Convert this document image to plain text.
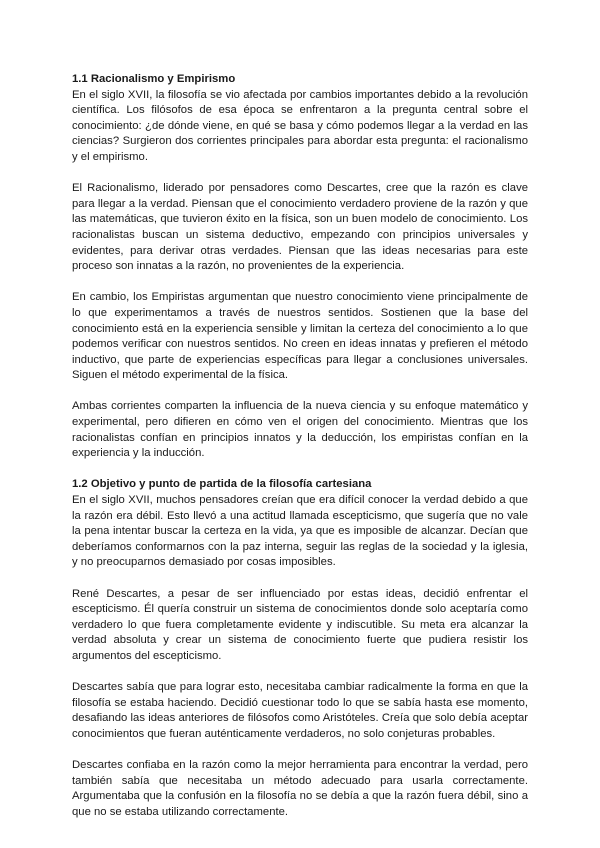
1.1 Racionalismo y Empirismo

En el siglo XVII, la filosofía se vio afectada por cambios importantes debido a la revolución científica. Los filósofos de esa época se enfrentaron a la pregunta central sobre el conocimiento: ¿de dónde viene, en qué se basa y cómo podemos llegar a la verdad en las ciencias? Surgieron dos corrientes principales para abordar esta pregunta: el racionalismo y el empirismo.

El Racionalismo, liderado por pensadores como Descartes, cree que la razón es clave para llegar a la verdad. Piensan que el conocimiento verdadero proviene de la razón y que las matemáticas, que tuvieron éxito en la física, son un buen modelo de conocimiento. Los racionalistas buscan un sistema deductivo, empezando con principios universales y evidentes, para derivar otras verdades. Piensan que las ideas necesarias para este proceso son innatas a la razón, no provenientes de la experiencia.

En cambio, los Empiristas argumentan que nuestro conocimiento viene principalmente de lo que experimentamos a través de nuestros sentidos. Sostienen que la base del conocimiento está en la experiencia sensible y limitan la certeza del conocimiento a lo que podemos verificar con nuestros sentidos. No creen en ideas innatas y prefieren el método inductivo, que parte de experiencias específicas para llegar a conclusiones universales. Siguen el método experimental de la física.

Ambas corrientes comparten la influencia de la nueva ciencia y su enfoque matemático y experimental, pero difieren en cómo ven el origen del conocimiento. Mientras que los racionalistas confían en principios innatos y la deducción, los empiristas confían en la experiencia y la inducción.

1.2 Objetivo y punto de partida de la filosofía cartesiana

En el siglo XVII, muchos pensadores creían que era difícil conocer la verdad debido a que la razón era débil. Esto llevó a una actitud llamada escepticismo, que sugería que no vale la pena intentar buscar la certeza en la vida, ya que es imposible de alcanzar. Decían que deberíamos conformarnos con la paz interna, seguir las reglas de la sociedad y la iglesia, y no preocuparnos demasiado por cosas imposibles.

René Descartes, a pesar de ser influenciado por estas ideas, decidió enfrentar el escepticismo. Él quería construir un sistema de conocimientos donde solo aceptaría como verdadero lo que fuera completamente evidente y indiscutible. Su meta era alcanzar la verdad absoluta y crear un sistema de conocimiento fuerte que pudiera resistir los argumentos del escepticismo.

Descartes sabía que para lograr esto, necesitaba cambiar radicalmente la forma en que la filosofía se estaba haciendo. Decidió cuestionar todo lo que se sabía hasta ese momento, desafiando las ideas anteriores de filósofos como Aristóteles. Creía que solo debía aceptar conocimientos que fueran auténticamente verdaderos, no solo conjeturas probables.

Descartes confiaba en la razón como la mejor herramienta para encontrar la verdad, pero también sabía que necesitaba un método adecuado para usarla correctamente. Argumentaba que la confusión en la filosofía no se debía a que la razón fuera débil, sino a que no se estaba utilizando correctamente.
